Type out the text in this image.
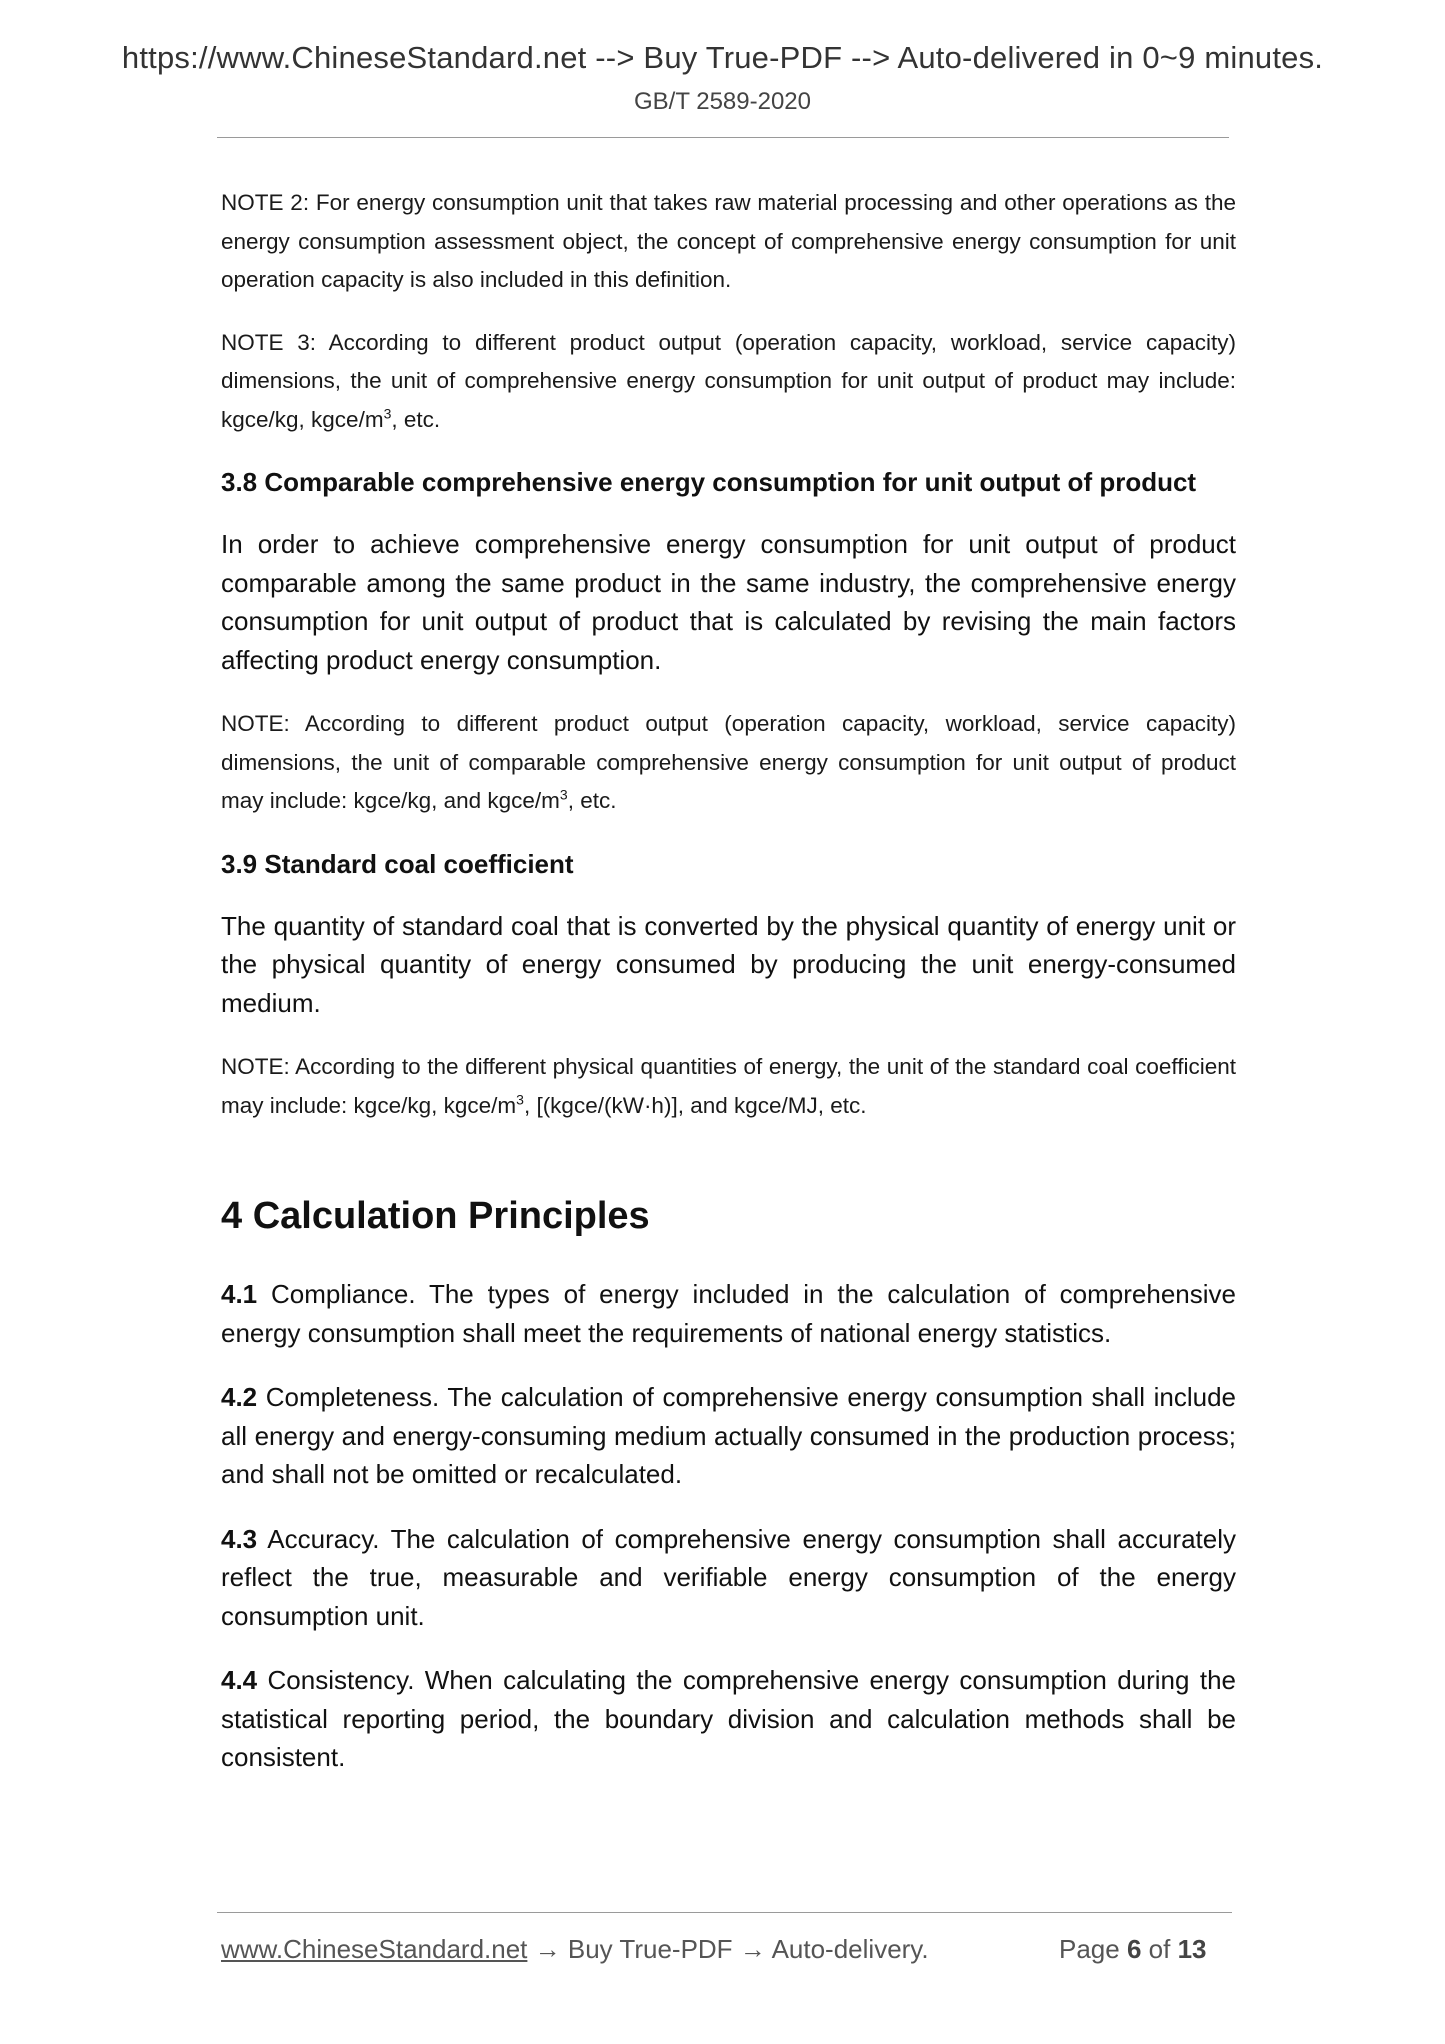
https://www.ChineseStandard.net --> Buy True-PDF --> Auto-delivered in 0~9 minutes.
GB/T 2589-2020

NOTE 2: For energy consumption unit that takes raw material processing and other operations as the energy consumption assessment object, the concept of comprehensive energy consumption for unit operation capacity is also included in this definition.

NOTE 3: According to different product output (operation capacity, workload, service capacity) dimensions, the unit of comprehensive energy consumption for unit output of product may include: kgce/kg, kgce/$m^3$, etc.

3.8 Comparable comprehensive energy consumption for unit output of product

In order to achieve comprehensive energy consumption for unit output of product comparable among the same product in the same industry, the comprehensive energy consumption for unit output of product that is calculated by revising the main factors affecting product energy consumption.

NOTE: According to different product output (operation capacity, workload, service capacity) dimensions, the unit of comparable comprehensive energy consumption for unit output of product may include: kgce/kg, and kgce/$m^3$, etc.

3.9 Standard coal coefficient

The quantity of standard coal that is converted by the physical quantity of energy unit or the physical quantity of energy consumed by producing the unit energy-consumed medium.

NOTE: According to the different physical quantities of energy, the unit of the standard coal coefficient may include: kgce/kg, kgce/$m^3$, [(kgce/(kW·h)], and kgce/MJ, etc.

4 Calculation Principles

4.1 Compliance. The types of energy included in the calculation of comprehensive energy consumption shall meet the requirements of national energy statistics.

4.2 Completeness. The calculation of comprehensive energy consumption shall include all energy and energy-consuming medium actually consumed in the production process; and shall not be omitted or recalculated.

4.3 Accuracy. The calculation of comprehensive energy consumption shall accurately reflect the true, measurable and verifiable energy consumption of the energy consumption unit.

4.4 Consistency. When calculating the comprehensive energy consumption during the statistical reporting period, the boundary division and calculation methods shall be consistent.

www.ChineseStandard.net → Buy True-PDF → Auto-delivery.	Page 6 of 13
